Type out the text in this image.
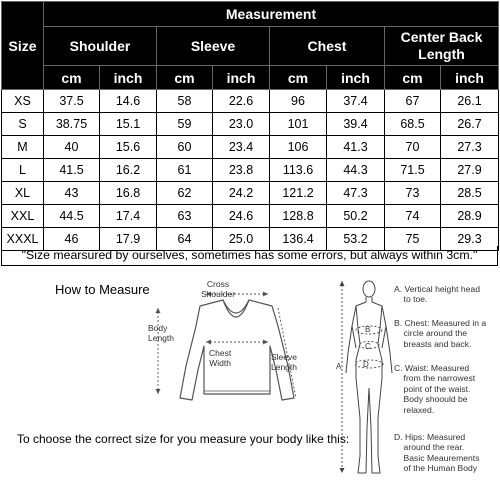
Size	Measurement							
	Shoulder		Sleeve		Chest		Center Back Length	
	cm	inch	cm	inch	cm	inch	cm	inch
XS	37.5	14.6	58	22.6	96	37.4	67	26.1
S	38.75	15.1	59	23.0	101	39.4	68.5	26.7
M	40	15.6	60	23.4	106	41.3	70	27.3
L	41.5	16.2	61	23.8	113.6	44.3	71.5	27.9
XL	43	16.8	62	24.2	121.2	47.3	73	28.5
XXL	44.5	17.4	63	24.6	128.8	50.2	74	28.9
XXXL	46	17.9	64	25.0	136.4	53.2	75	29.3
"Size mearsured by ourselves, sometimes has some errors, but always within 3cm."
How to Measure	Cross
Shoulder
Body
Length
Chest
Width
Sleeve
Length
To choose the correct size for you measure your body like this:
A
B
C
D
A. Vertical height head
to toe.
B. Chest: Measured in a
circle around the
breasts and back.
C. Waist: Measured
from the narrowest
point of the waist.
Body shoould be
relaxed.
D. Hips: Measured
around the rear.
Basic Meaurements
of the Human Body
